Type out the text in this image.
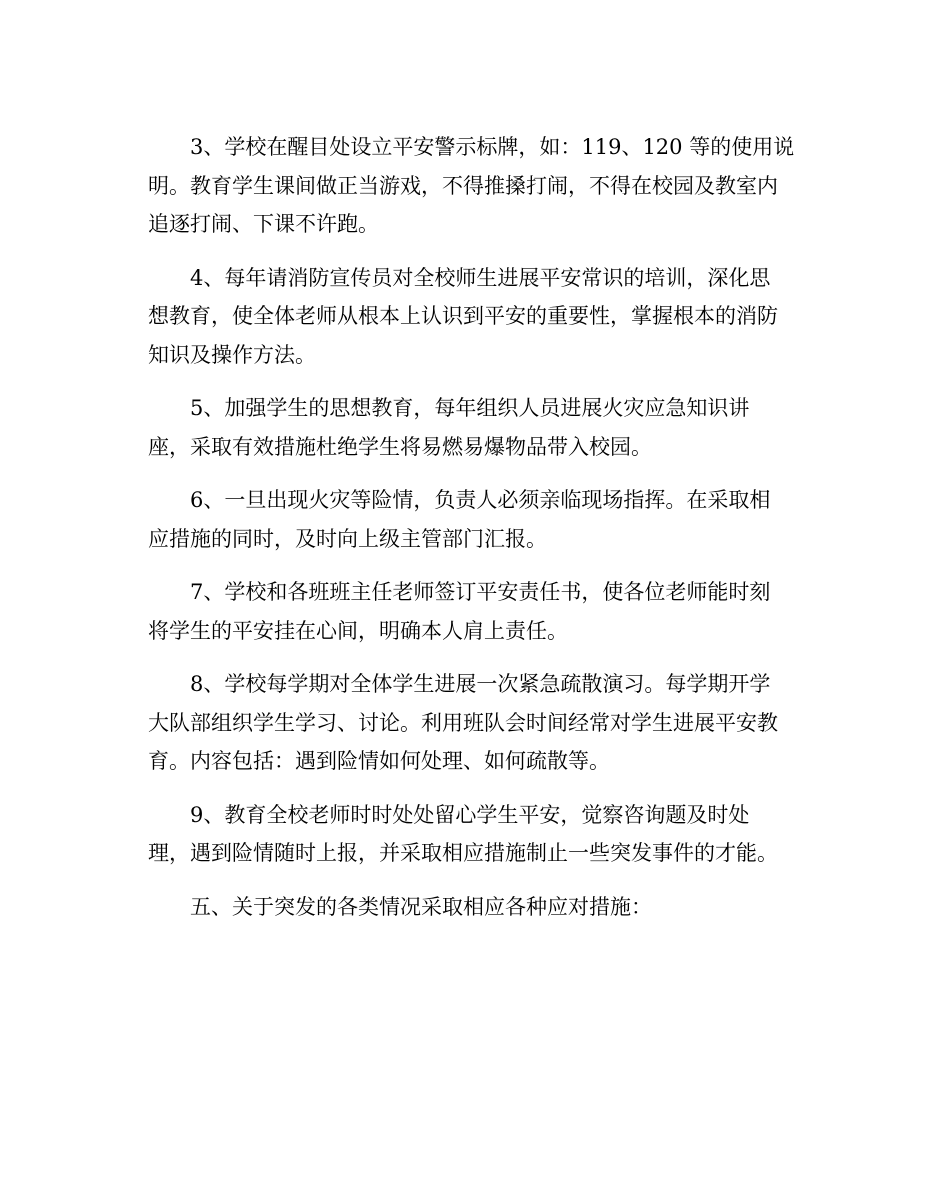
3、学校在醒目处设立平安警示标牌，如：119、120 等的使用说
明。教育学生课间做正当游戏，不得推搡打闹，不得在校园及教室内
追逐打闹、下课不许跑。

4、每年请消防宣传员对全校师生进展平安常识的培训，深化思
想教育，使全体老师从根本上认识到平安的重要性，掌握根本的消防
知识及操作方法。

5、加强学生的思想教育，每年组织人员进展火灾应急知识讲
座，采取有效措施杜绝学生将易燃易爆物品带入校园。

6、一旦出现火灾等险情，负责人必须亲临现场指挥。在采取相
应措施的同时，及时向上级主管部门汇报。

7、学校和各班班主任老师签订平安责任书，使各位老师能时刻
将学生的平安挂在心间，明确本人肩上责任。

8、学校每学期对全体学生进展一次紧急疏散演习。每学期开学
大队部组织学生学习、讨论。利用班队会时间经常对学生进展平安教
育。内容包括：遇到险情如何处理、如何疏散等。

9、教育全校老师时时处处留心学生平安，觉察咨询题及时处
理，遇到险情随时上报，并采取相应措施制止一些突发事件的才能。

五、关于突发的各类情况采取相应各种应对措施：
